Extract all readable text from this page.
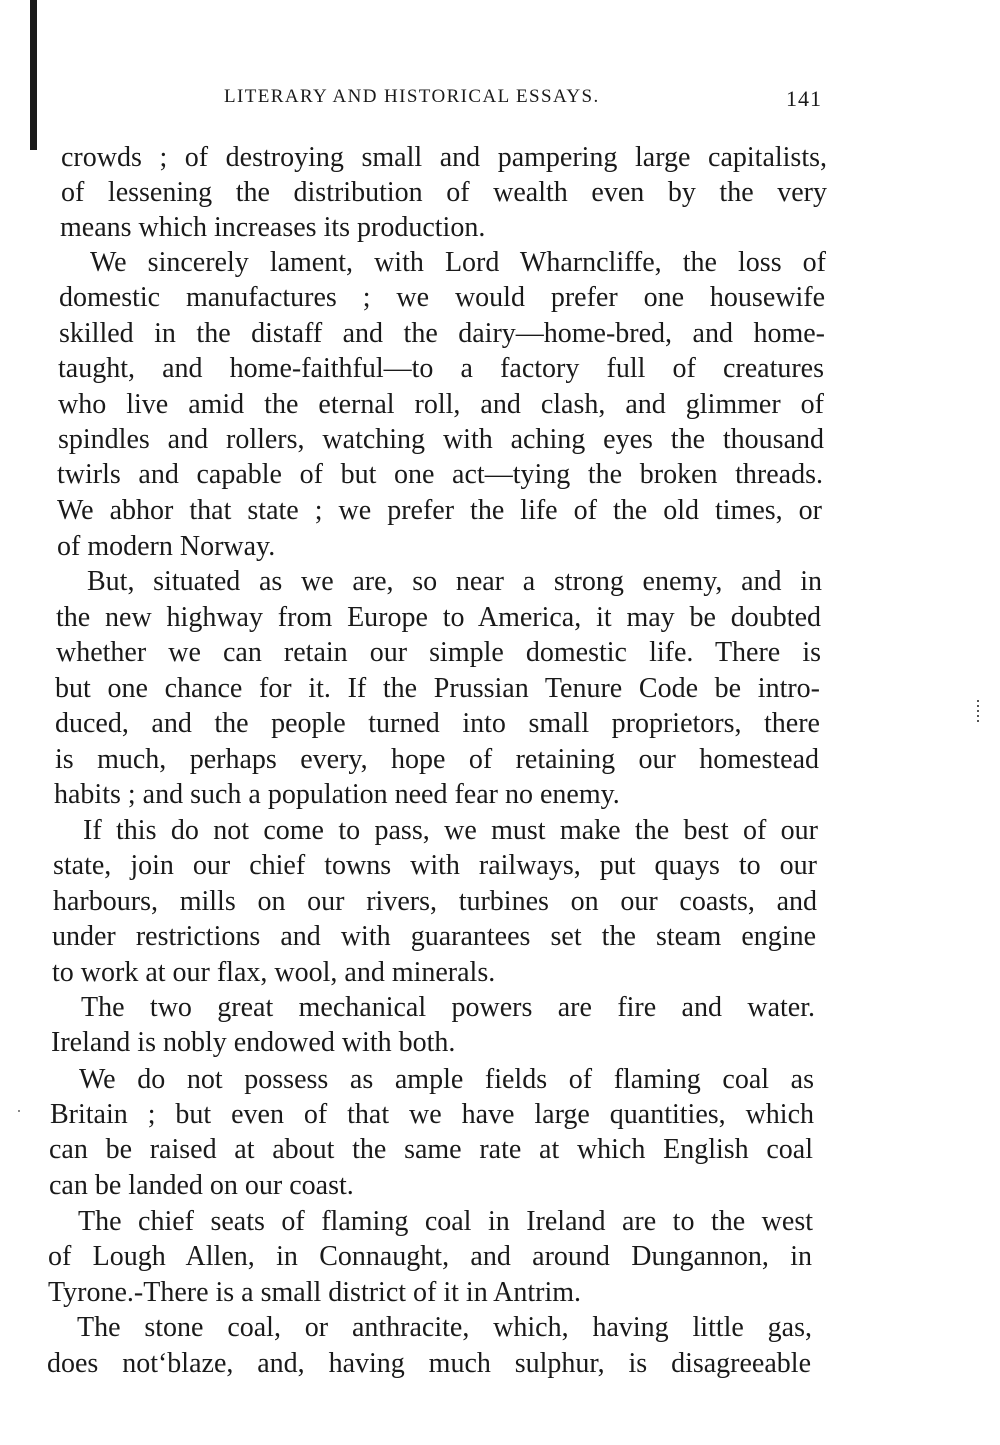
LITERARY AND HISTORICAL ESSAYS.	141
crowds ; of destroying small and pampering large capitalists,
of lessening the distribution of wealth even by the very
means which increases its production.
We sincerely lament, with Lord Wharncliffe, the loss of
domestic manufactures ; we would prefer one housewife
skilled in the distaff and the dairy—home-bred, and home-
taught, and home-faithful—to a factory full of creatures
who live amid the eternal roll, and clash, and glimmer of
spindles and rollers, watching with aching eyes the thousand
twirls and capable of but one act—tying the broken threads.
We abhor that state ; we prefer the life of the old times, or
of modern Norway.
But, situated as we are, so near a strong enemy, and in
the new highway from Europe to America, it may be doubted
whether we can retain our simple domestic life. There is
but one chance for it. If the Prussian Tenure Code be intro-
duced, and the people turned into small proprietors, there
is much, perhaps every, hope of retaining our homestead
habits ; and such a population need fear no enemy.
If this do not come to pass, we must make the best of our
state, join our chief towns with railways, put quays to our
harbours, mills on our rivers, turbines on our coasts, and
under restrictions and with guarantees set the steam engine
to work at our flax, wool, and minerals.
The two great mechanical powers are fire and water.
Ireland is nobly endowed with both.
We do not possess as ample fields of flaming coal as
Britain ; but even of that we have large quantities, which
can be raised at about the same rate at which English coal
can be landed on our coast.
The chief seats of flaming coal in Ireland are to the west
of Lough Allen, in Connaught, and around Dungannon, in
Tyrone.-There is a small district of it in Antrim.
The stone coal, or anthracite, which, having little gas,
does not‘blaze, and, having much sulphur, is disagreeable
